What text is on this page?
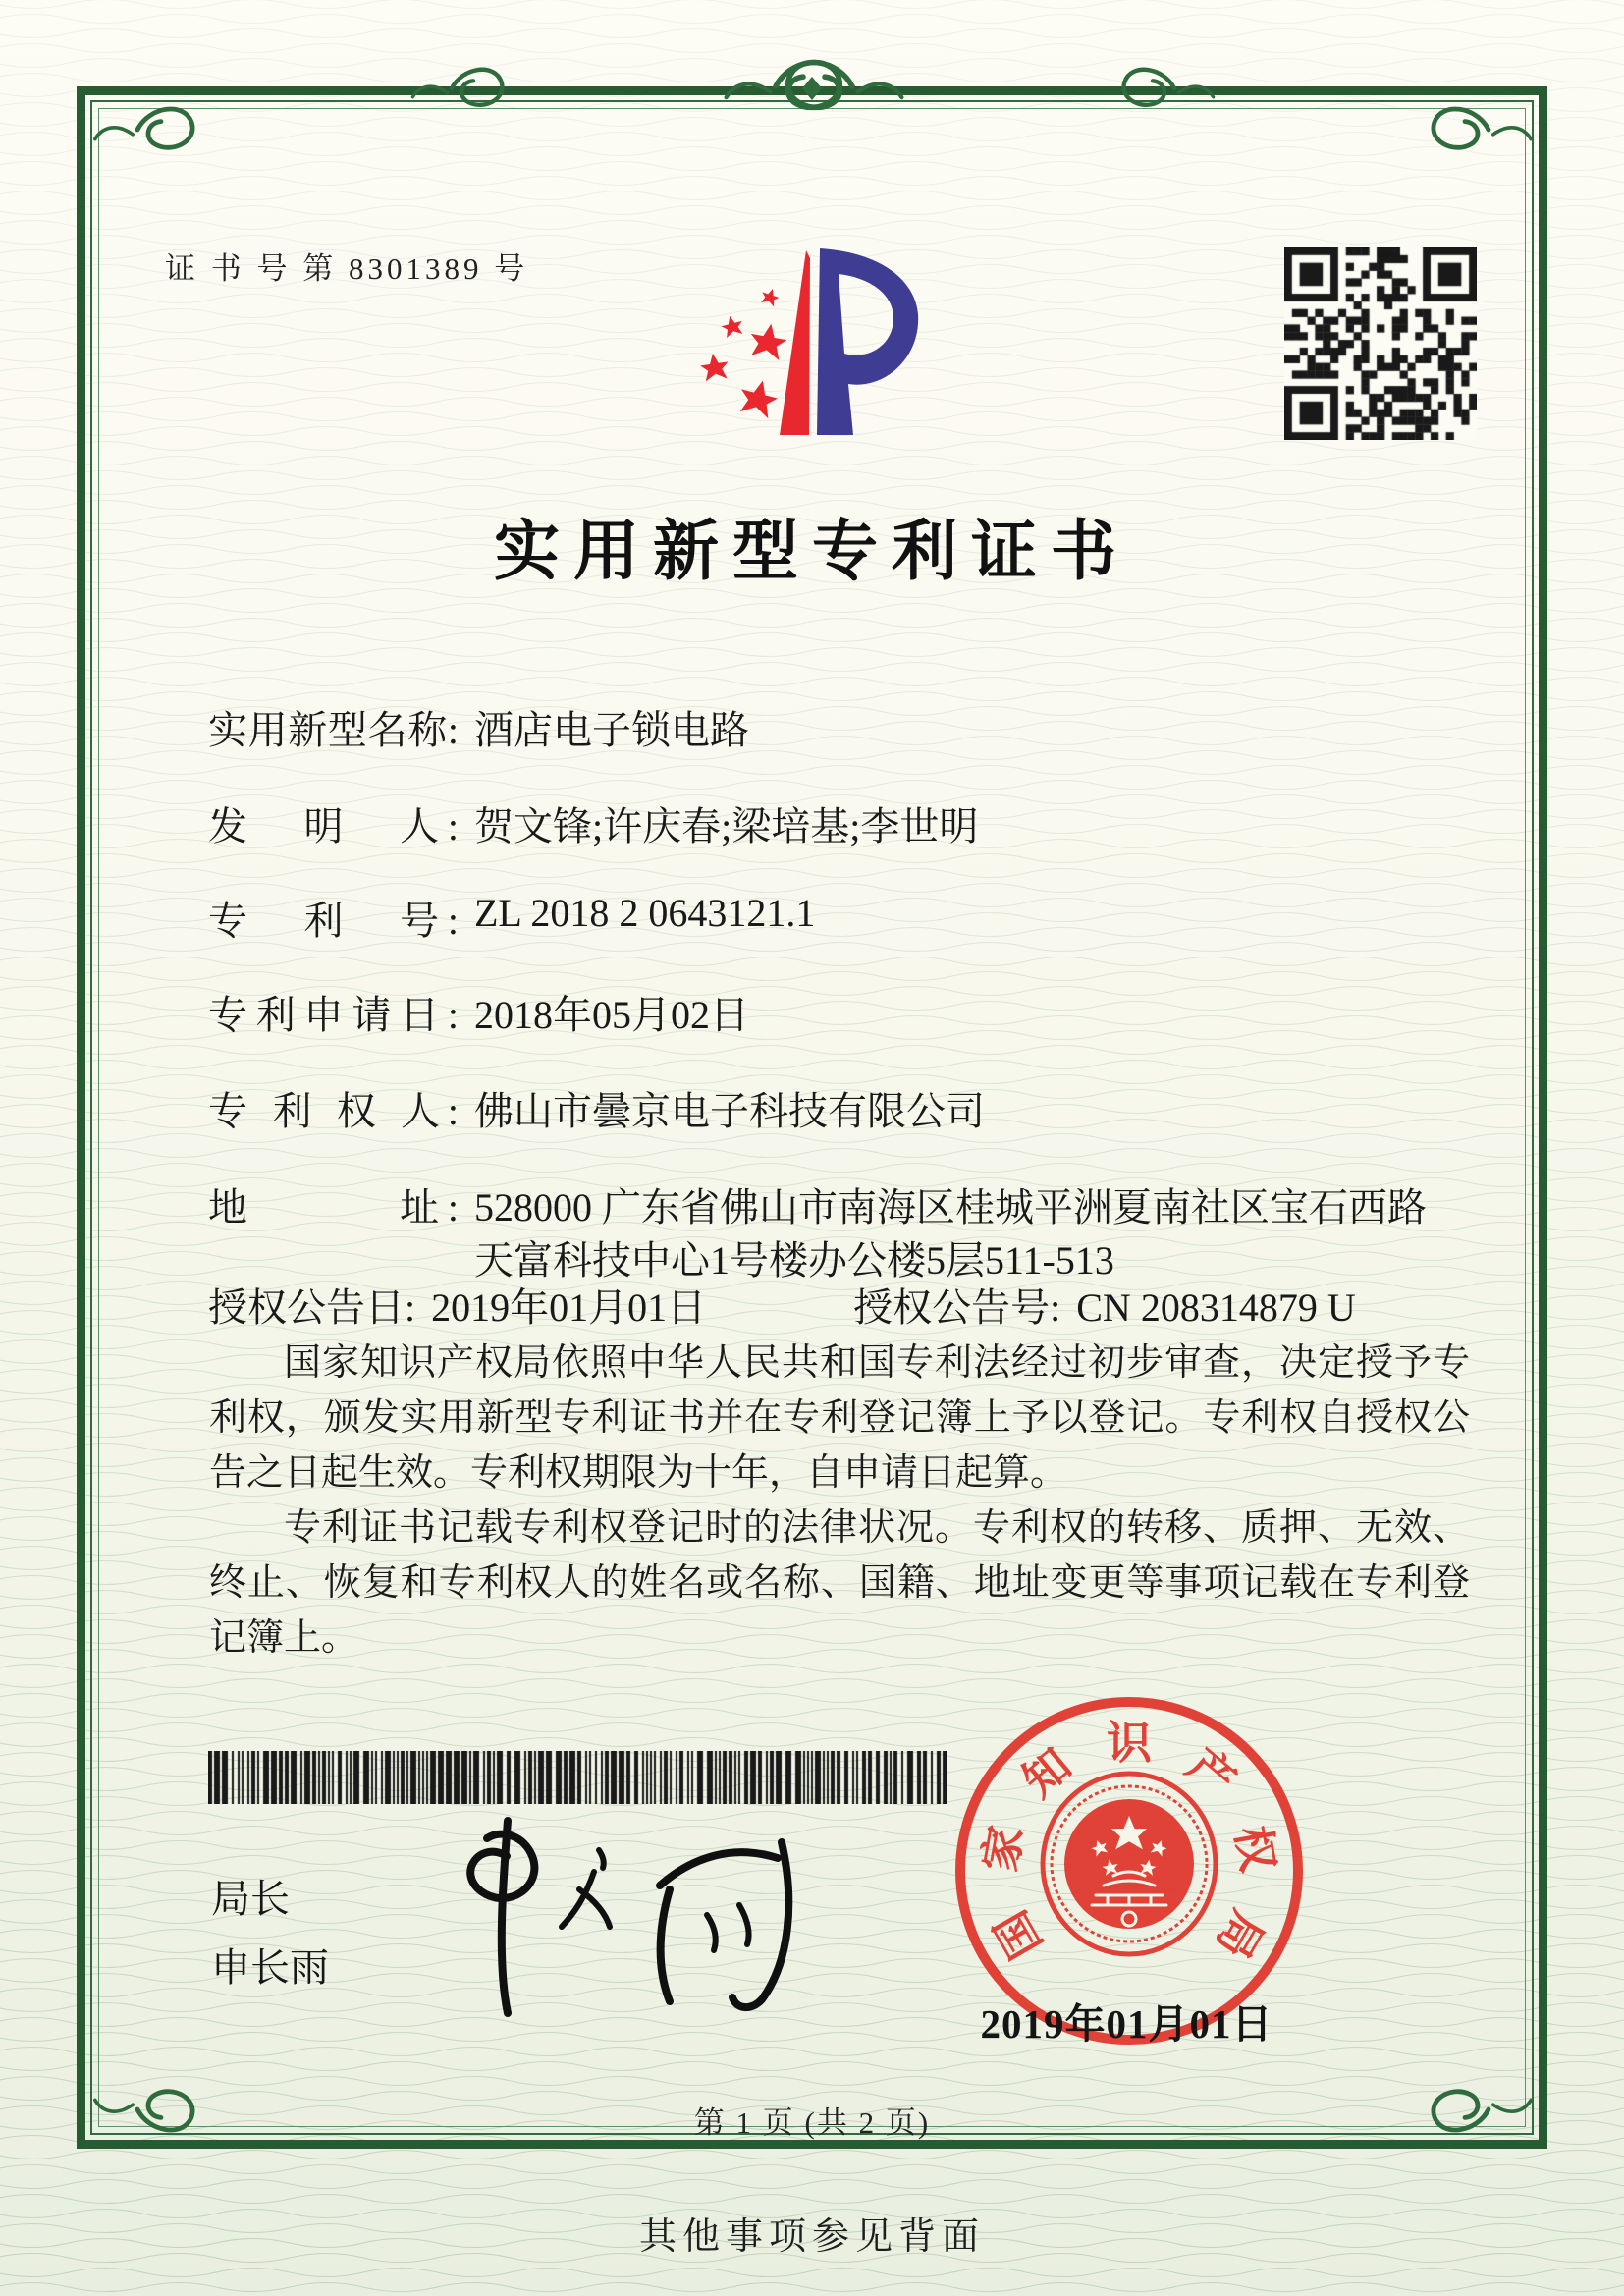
证 书 号 第 8301389 号
实用新型专利证书
实用新型名称: 酒店电子锁电路
发　明　人: 贺文锋;许庆春;梁培基;李世明
专　利　号: ZL 2018 2 0643121.1
专利申请日: 2018年05月02日
专 利 权 人: 佛山市曇京电子科技有限公司
地　　　址: 528000 广东省佛山市南海区桂城平洲夏南社区宝石西路
天富科技中心1号楼办公楼5层511-513
授权公告日: 2019年01月01日	授权公告号: CN 208314879 U

国家知识产权局依照中华人民共和国专利法经过初步审查，决定授予专利权，颁发实用新型专利证书并在专利登记簿上予以登记。专利权自授权公告之日起生效。专利权期限为十年，自申请日起算。

专利证书记载专利权登记时的法律状况。专利权的转移、质押、无效、终止、恢复和专利权人的姓名或名称、国籍、地址变更等事项记载在专利登记簿上。

局长
申长雨
国
家
知 识 产
权
局
2019年01月01日
第 1 页 (共 2 页)
其他事项参见背面
